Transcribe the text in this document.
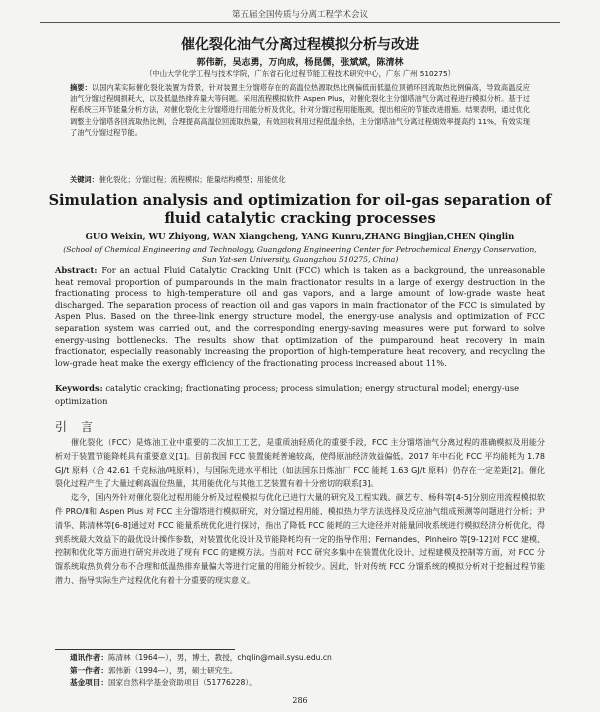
第五届全国传质与分离工程学术会议
催化裂化油气分离过程模拟分析与改进
郭伟新，吴志勇，万向成，杨昆儒，张斌斌，陈清林
（中山大学化学工程与技术学院，广东省石化过程节能工程技术研究中心，广东 广州 510275）
摘要：以国内某实际催化裂化装置为背景，针对装置主分馏塔存在的高温位热源取热比例偏低而低温位顶循环回流取热比例偏高，导致高温反应油气分馏过程㶲损耗大，以及低温热排弃量大等问题。采用流程模拟软件 Aspen Plus，对催化裂化主分馏塔油气分离过程进行模拟分析。基于过程系统三环节能量分析方法，对催化裂化主分馏塔进行用能分析及优化，针对分馏过程用能瓶颈，提出相应的节能改进措施。结果表明，通过优化调整主分馏塔各回流取热比例，合理提高高温位回流取热量，有效回收利用过程低温余热，主分馏塔油气分离过程㶲效率提高约 11%，有效实现了油气分馏过程节能。
关键词：催化裂化；分馏过程；流程模拟；能量结构模型；用能优化
Simulation analysis and optimization for oil-gas separation of fluid catalytic cracking processes
GUO Weixin, WU Zhiyong, WAN Xiangcheng, YANG Kunru,ZHANG Bingjian,CHEN Qinglin
(School of Chemical Engineering and Technology, Guangdong Engineering Center for Petrochemical Energy Conservation, Sun Yat-sen University, Guangzhou 510275, China)
Abstract: For an actual Fluid Catalytic Cracking Unit (FCC) which is taken as a background, the unreasonable heat removal proportion of pumparounds in the main fractionator results in a large of exergy destruction in the fractionating process to high-temperature oil and gas vapors, and a large amount of low-grade waste heat discharged. The separation process of reaction oil and gas vapors in main fractionator of the FCC is simulated by Aspen Plus. Based on the three-link energy structure model, the energy-use analysis and optimization of FCC separation system was carried out, and the corresponding energy-saving measures were put forward to solve energy-using bottlenecks. The results show that optimization of the pumparound heat recovery in main fractionator, especially reasonably increasing the proportion of high-temperature heat recovery, and recycling the low-grade heat make the exergy efficiency of the fractionating process increased about 11%.
Keywords: catalytic cracking; fractionating process; process simulation; energy structural model; energy-use optimization
引言

催化裂化（FCC）是炼油工业中重要的二次加工工艺，是重质油轻质化的重要手段，FCC 主分馏塔油气分离过程的准确模拟及用能分析对于装置节能降耗具有重要意义[1]。目前我国 FCC 装置能耗普遍较高，使得原油经济效益偏低。2017 年中石化 FCC 平均能耗为 1.78 GJ/t 原料（合 42.61 千克标油/吨原料），与国际先进水平相比（如法国东日炼油厂 FCC 能耗 1.63 GJ/t 原料）仍存在一定差距[2]。催化裂化过程产生了大量过剩高温位热量，其用能优化与其他工艺装置有着十分密切的联系[3]。

迄今，国内外针对催化裂化过程用能分析及过程模拟与优化已进行大量的研究及工程实践。颜艺专、杨科等[4-5]分别应用流程模拟软件 PRO/Ⅱ和 Aspen Plus 对 FCC 主分馏塔进行模拟研究，对分馏过程用能、模拟热力学方法选择及反应油气组成预测等问题进行分析；尹清华、陈清林等[6-8]通过对 FCC 能量系统优化进行探讨，指出了降低 FCC 能耗的三大途径并对能量回收系统进行模拟经济分析优化，得到系统最大效益下的最优设计操作参数，对装置优化设计及节能降耗均有一定的指导作用；Fernandes、Pinheiro 等[9-12]对 FCC 建模、控制和优化等方面进行研究并改进了现有 FCC 的建模方法。当前对 FCC 研究多集中在装置优化设计、过程建模及控制等方面，对 FCC 分馏系统取热负荷分布不合理和低温热排弃量偏大等进行定量的用能分析较少。因此，针对传统 FCC 分馏系统的模拟分析对于挖掘过程节能潜力、指导实际生产过程优化有着十分重要的现实意义。

通讯作者：陈清林（1964—），男，博士，教授，chqlin@mail.sysu.edu.cn
第一作者：郭伟新（1994—），男，硕士研究生。
基金项目：国家自然科学基金资助项目（51776228）。
286
